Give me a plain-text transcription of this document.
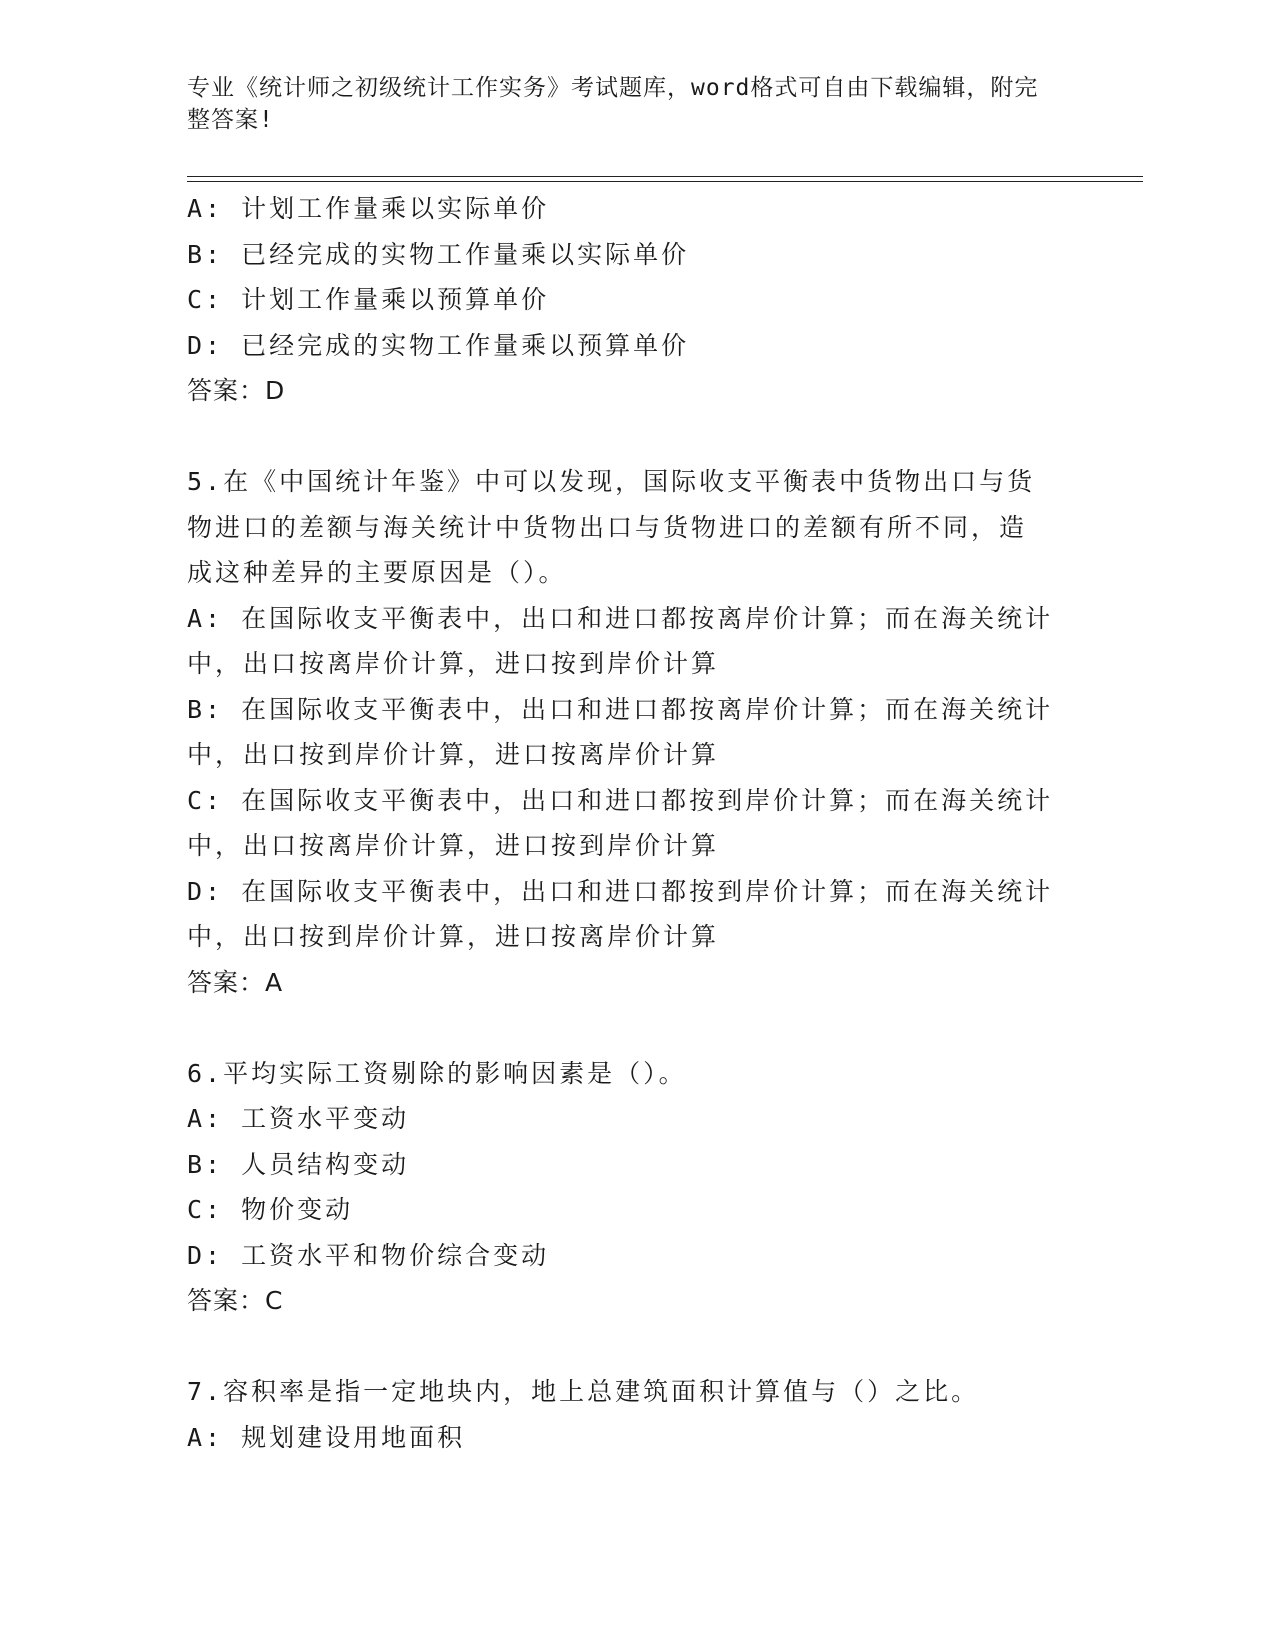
专业《统计师之初级统计工作实务》考试题库，word格式可自由下载编辑，附完
整答案!
A: 计划工作量乘以实际单价
B: 已经完成的实物工作量乘以实际单价
C: 计划工作量乘以预算单价
D: 已经完成的实物工作量乘以预算单价
答案：D
5.在《中国统计年鉴》中可以发现，国际收支平衡表中货物出口与货
物进口的差额与海关统计中货物出口与货物进口的差额有所不同，造
成这种差异的主要原因是（）。
A: 在国际收支平衡表中，出口和进口都按离岸价计算；而在海关统计
中，出口按离岸价计算，进口按到岸价计算
B: 在国际收支平衡表中，出口和进口都按离岸价计算；而在海关统计
中，出口按到岸价计算，进口按离岸价计算
C: 在国际收支平衡表中，出口和进口都按到岸价计算；而在海关统计
中，出口按离岸价计算，进口按到岸价计算
D: 在国际收支平衡表中，出口和进口都按到岸价计算；而在海关统计
中，出口按到岸价计算，进口按离岸价计算
答案：A
6.平均实际工资剔除的影响因素是（）。
A: 工资水平变动
B: 人员结构变动
C: 物价变动
D: 工资水平和物价综合变动
答案：C
7.容积率是指一定地块内，地上总建筑面积计算值与（）之比。
A: 规划建设用地面积
